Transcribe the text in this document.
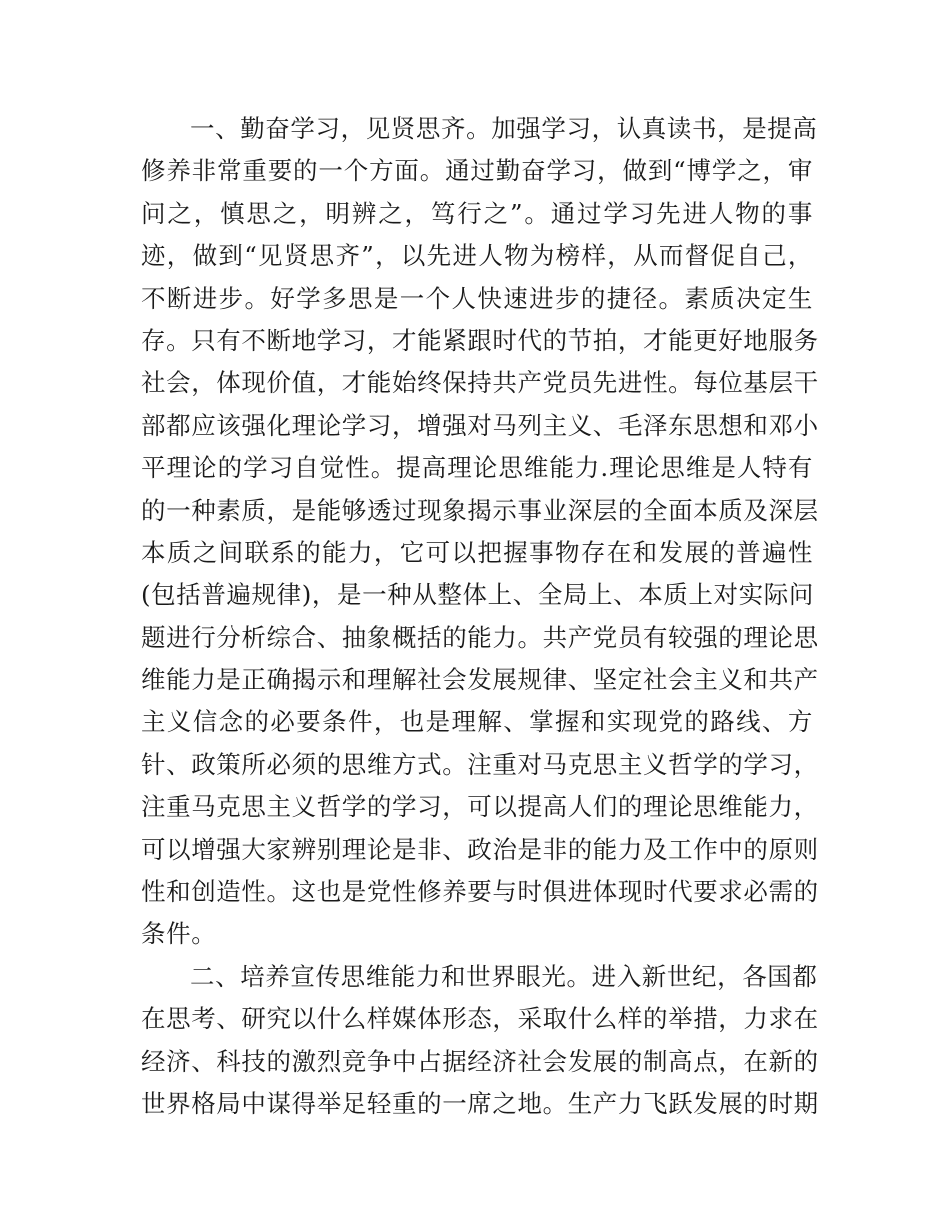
一、勤奋学习，见贤思齐。加强学习，认真读书，是提高
修养非常重要的一个方面。通过勤奋学习，做到“博学之，审
问之，慎思之，明辨之，笃行之”。通过学习先进人物的事
迹，做到“见贤思齐”，以先进人物为榜样，从而督促自己，
不断进步。好学多思是一个人快速进步的捷径。素质决定生
存。只有不断地学习，才能紧跟时代的节拍，才能更好地服务
社会，体现价值，才能始终保持共产党员先进性。每位基层干
部都应该强化理论学习，增强对马列主义、毛泽东思想和邓小
平理论的学习自觉性。提高理论思维能力.理论思维是人特有
的一种素质，是能够透过现象揭示事业深层的全面本质及深层
本质之间联系的能力，它可以把握事物存在和发展的普遍性
(包括普遍规律)，是一种从整体上、全局上、本质上对实际问
题进行分析综合、抽象概括的能力。共产党员有较强的理论思
维能力是正确揭示和理解社会发展规律、坚定社会主义和共产
主义信念的必要条件，也是理解、掌握和实现党的路线、方
针、政策所必须的思维方式。注重对马克思主义哲学的学习，
注重马克思主义哲学的学习，可以提高人们的理论思维能力，
可以增强大家辨别理论是非、政治是非的能力及工作中的原则
性和创造性。这也是党性修养要与时俱进体现时代要求必需的
条件。
二、培养宣传思维能力和世界眼光。进入新世纪，各国都
在思考、研究以什么样媒体形态，采取什么样的举措，力求在
经济、科技的激烈竞争中占据经济社会发展的制高点，在新的
世界格局中谋得举足轻重的一席之地。生产力飞跃发展的时期
